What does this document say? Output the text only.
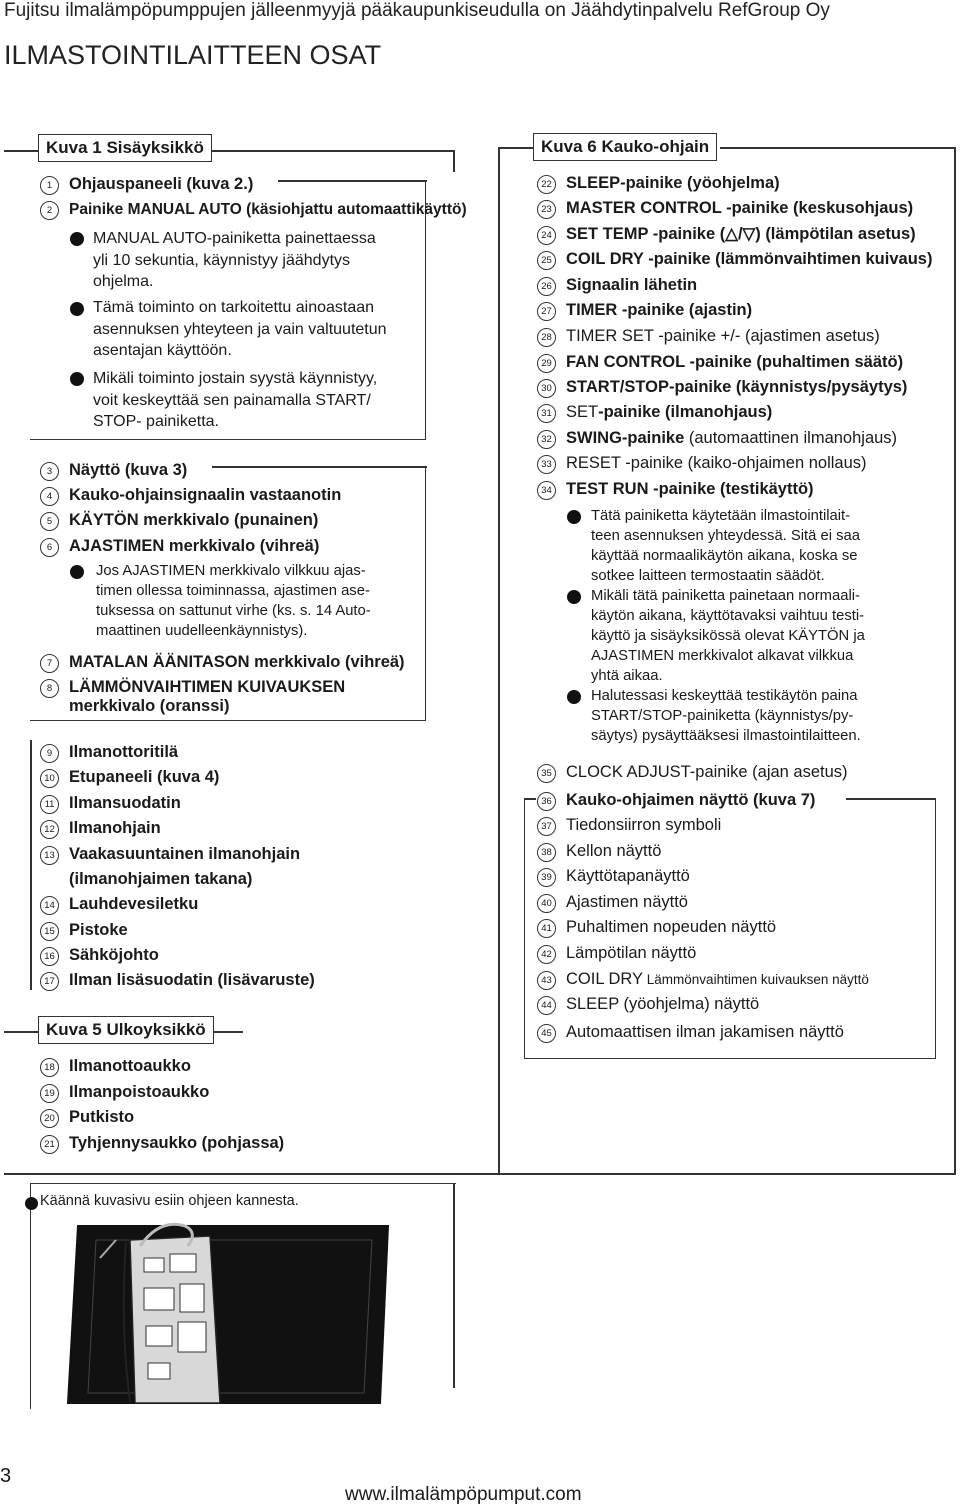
Fujitsu ilmalämpöpumppujen jälleenmyyjä pääkaupunkiseudulla on Jäähdytinpalvelu RefGroup Oy
ILMASTOINTILAITTEEN OSAT
Kuva 1 Sisäyksikkö
1 Ohjauspaneeli (kuva 2.)
2 Painike MANUAL AUTO (käsiohjattu automaattikäyttö)
MANUAL AUTO-painiketta painettaessa
yli 10 sekuntia, käynnistyy jäähdytys
ohjelma.
Tämä toiminto on tarkoitettu ainoastaan
asennuksen yhteyteen ja vain valtuutetun
asentajan käyttöön.
Mikäli toiminto jostain syystä käynnistyy,
voit keskeyttää sen painamalla START/
STOP- painiketta.
3 Näyttö (kuva 3)
4 Kauko-ohjainsignaalin vastaanotin
5 KÄYTÖN merkkivalo (punainen)
6 AJASTIMEN merkkivalo (vihreä)
Jos AJASTIMEN merkkivalo vilkkuu ajas-
timen ollessa toiminnassa, ajastimen ase-
tuksessa on sattunut virhe (ks. s. 14 Auto-
maattinen uudelleenkäynnistys).
7 MATALAN ÄÄNITASON merkkivalo (vihreä)
8 LÄMMÖNVAIHTIMEN KUIVAUKSEN
merkkivalo (oranssi)
9 Ilmanottoritilä
10 Etupaneeli (kuva 4)
11 Ilmansuodatin
12 Ilmanohjain
13 Vaakasuuntainen ilmanohjain
(ilmanohjaimen takana)
14 Lauhdevesiletku
15 Pistoke
16 Sähköjohto
17 Ilman lisäsuodatin (lisävaruste)
Kuva 5 Ulkoyksikkö
18 Ilmanottoaukko
19 Ilmanpoistoaukko
20 Putkisto
21 Tyhjennysaukko (pohjassa)
Kuva 6 Kauko-ohjain
22 SLEEP-painike (yöohjelma)
23 MASTER CONTROL -painike (keskusohjaus)
24 SET TEMP -painike (△/▽) (lämpötilan asetus)
25 COIL DRY -painike (lämmönvaihtimen kuivaus)
26 Signaalin lähetin
27 TIMER -painike (ajastin)
28 TIMER SET -painike +/- (ajastimen asetus)
29 FAN CONTROL -painike (puhaltimen säätö)
30 START/STOP-painike (käynnistys/pysäytys)
31 SET-painike (ilmanohjaus)
32 SWING-painike (automaattinen ilmanohjaus)
33 RESET -painike (kaiko-ohjaimen nollaus)
34 TEST RUN -painike (testikäyttö)
Tätä painiketta käytetään ilmastointilait-
teen asennuksen yhteydessä. Sitä ei saa
käyttää normaalikäytön aikana, koska se
sotkee laitteen termostaatin säädöt.
Mikäli tätä painiketta painetaan normaali-
käytön aikana, käyttötavaksi vaihtuu testi-
käyttö ja sisäyksikössä olevat KÄYTÖN ja
AJASTIMEN merkkivalot alkavat vilkkua
yhtä aikaa.
Halutessasi keskeyttää testikäytön paina
START/STOP-painiketta (käynnistys/py-
säytys) pysäyttääksesi ilmastointilaitteen.
35 CLOCK ADJUST-painike (ajan asetus)
36 Kauko-ohjaimen näyttö (kuva 7)
37 Tiedonsiirron symboli
38 Kellon näyttö
39 Käyttötapanäyttö
40 Ajastimen näyttö
41 Puhaltimen nopeuden näyttö
42 Lämpötilan näyttö
43 COIL DRY Lämmönvaihtimen kuivauksen näyttö
44 SLEEP (yöohjelma) näyttö
45 Automaattisen ilman jakamisen näyttö
Käännä kuvasivu esiin ohjeen kannesta.
3
www.ilmalämpöpumput.com
